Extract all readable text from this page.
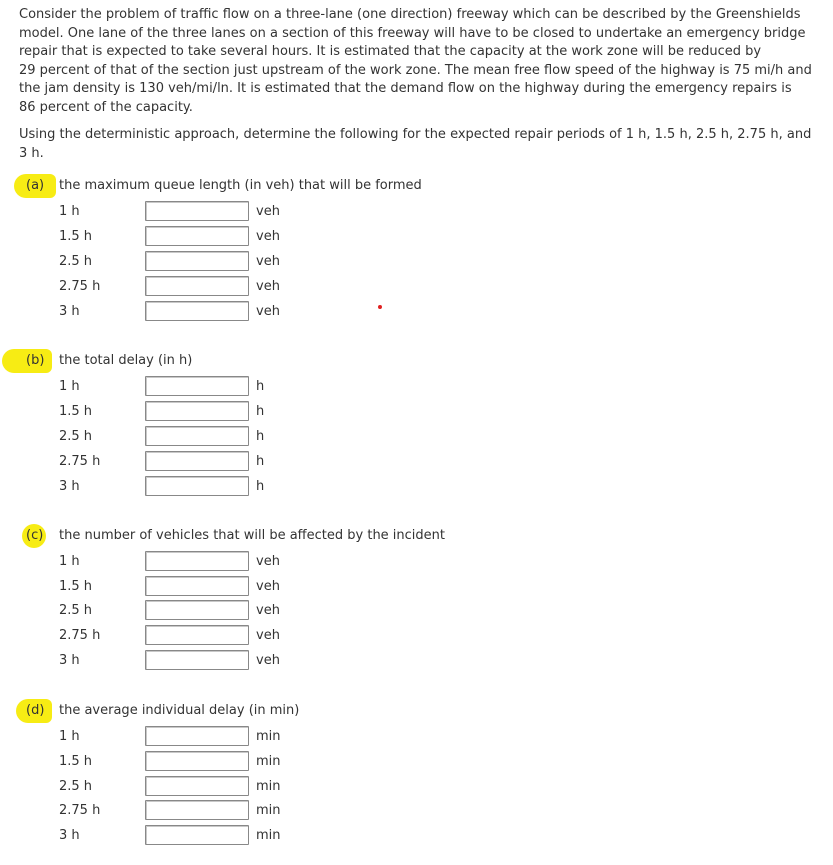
Consider the problem of traffic flow on a three-lane (one direction) freeway which can be described by the Greenshields
model. One lane of the three lanes on a section of this freeway will have to be closed to undertake an emergency bridge
repair that is expected to take several hours. It is estimated that the capacity at the work zone will be reduced by
29 percent of that of the section just upstream of the work zone. The mean free flow speed of the highway is 75 mi/h and
the jam density is 130 veh/mi/ln. It is estimated that the demand flow on the highway during the emergency repairs is
86 percent of the capacity.

Using the deterministic approach, determine the following for the expected repair periods of 1 h, 1.5 h, 2.5 h, 2.75 h, and
3 h.

(a) the maximum queue length (in veh) that will be formed
1 h	veh
1.5 h	veh
2.5 h	veh
2.75 h	veh
3 h	veh
(b) the total delay (in h)
1 h	h
1.5 h	h
2.5 h	h
2.75 h	h
3 h	h
(c) the number of vehicles that will be affected by the incident
1 h	veh
1.5 h	veh
2.5 h	veh
2.75 h	veh
3 h	veh
(d) the average individual delay (in min)
1 h	min
1.5 h	min
2.5 h	min
2.75 h	min
3 h	min
